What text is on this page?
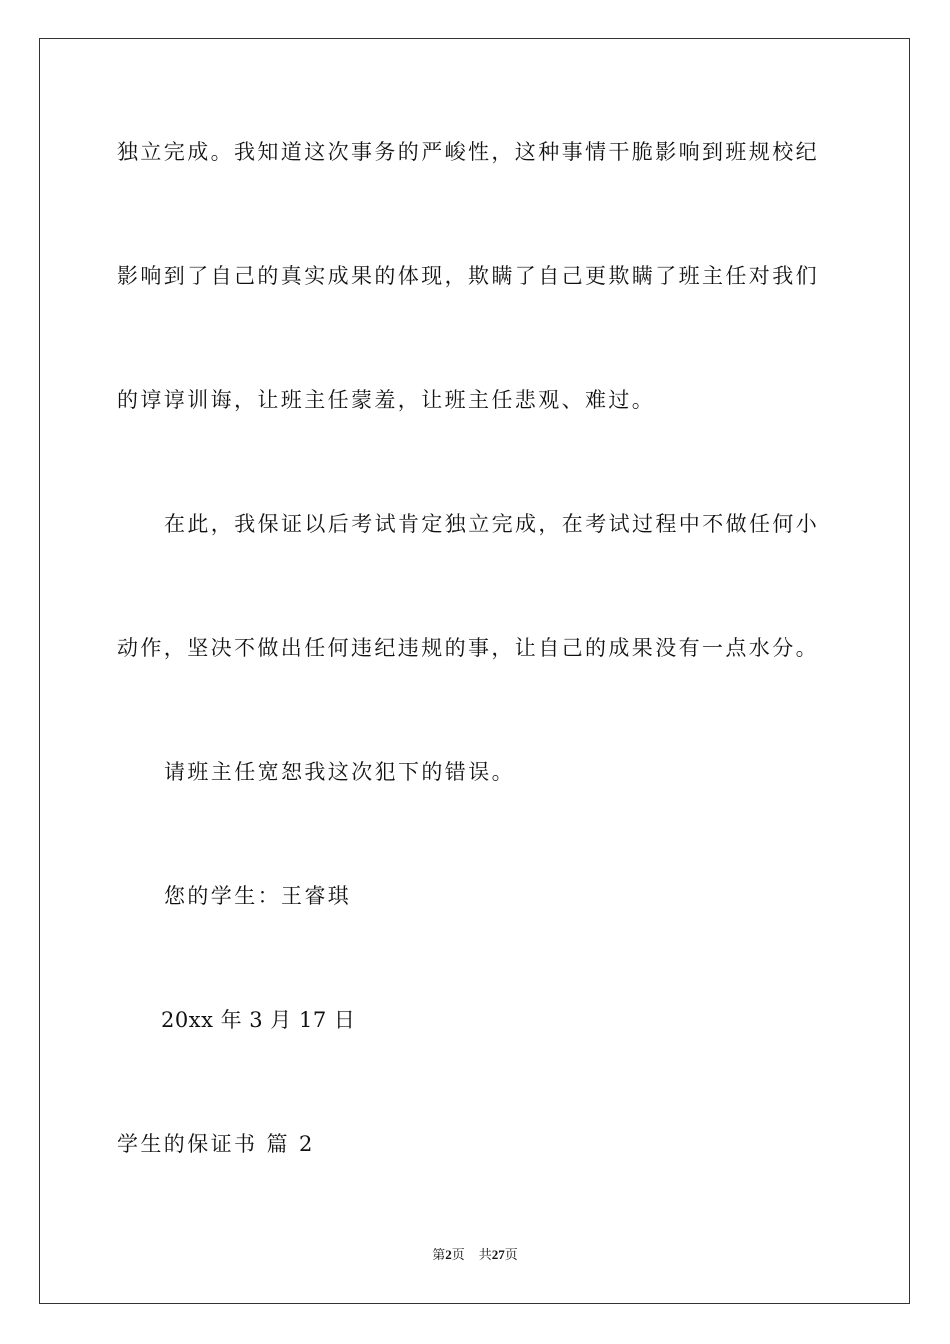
独立完成。我知道这次事务的严峻性，这种事情干脆影响到班规校纪

影响到了自己的真实成果的体现，欺瞒了自己更欺瞒了班主任对我们

的谆谆训诲，让班主任蒙羞，让班主任悲观、难过。

在此，我保证以后考试肯定独立完成，在考试过程中不做任何小

动作，坚决不做出任何违纪违规的事，让自己的成果没有一点水分。

请班主任宽恕我这次犯下的错误。

您的学生：王睿琪

20xx 年 3 月 17 日

学生的保证书 篇 2

第2页 共27页
